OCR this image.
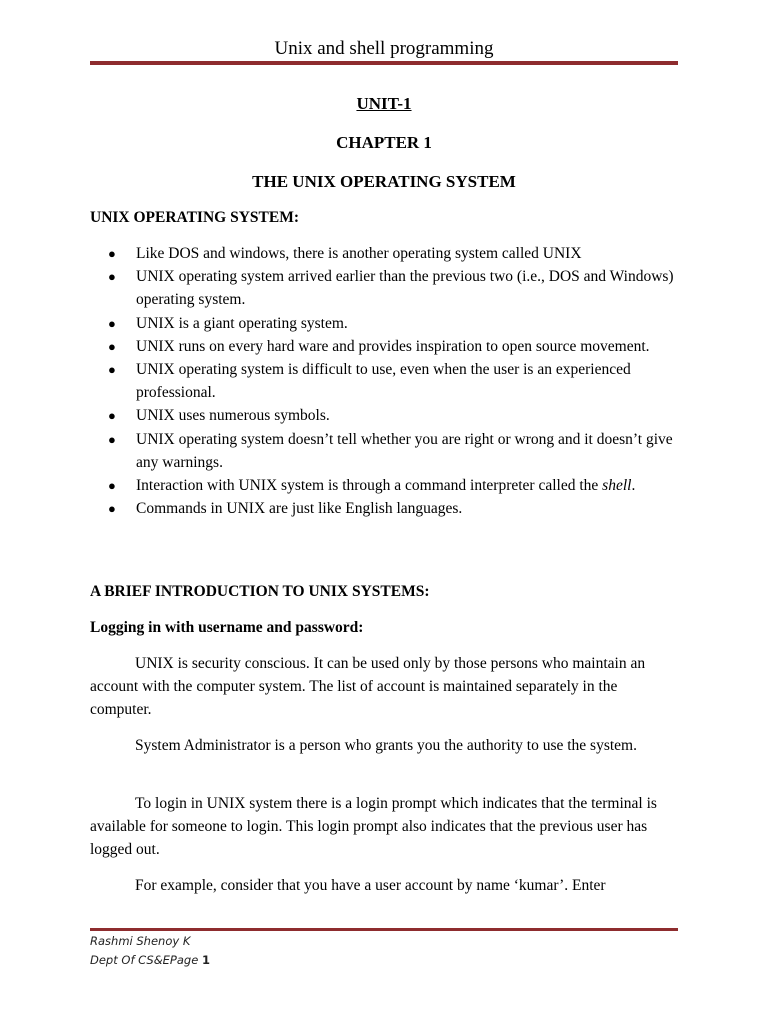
Unix and shell programming
UNIT-1
CHAPTER 1
THE UNIX OPERATING SYSTEM
UNIX OPERATING SYSTEM:
● Like DOS and windows, there is another operating system called UNIX
● UNIX operating system arrived earlier than the previous two (i.e., DOS and Windows) operating system.
● UNIX is a giant operating system.
● UNIX runs on every hard ware and provides inspiration to open source movement.
● UNIX operating system is difficult to use, even when the user is an experienced professional.
● UNIX uses numerous symbols.
● UNIX operating system doesn’t tell whether you are right or wrong and it doesn’t give any warnings.
● Interaction with UNIX system is through a command interpreter called the shell.
● Commands in UNIX are just like English languages.
A BRIEF INTRODUCTION TO UNIX SYSTEMS:
Logging in with username and password:

UNIX is security conscious. It can be used only by those persons who maintain an account with the computer system. The list of account is maintained separately in the computer.

System Administrator is a person who grants you the authority to use the system.

To login in UNIX system there is a login prompt which indicates that the terminal is available for someone to login. This login prompt also indicates that the previous user has logged out.

For example, consider that you have a user account by name ‘kumar’. Enter

Rashmi Shenoy K
Dept Of CS&EPage 1
